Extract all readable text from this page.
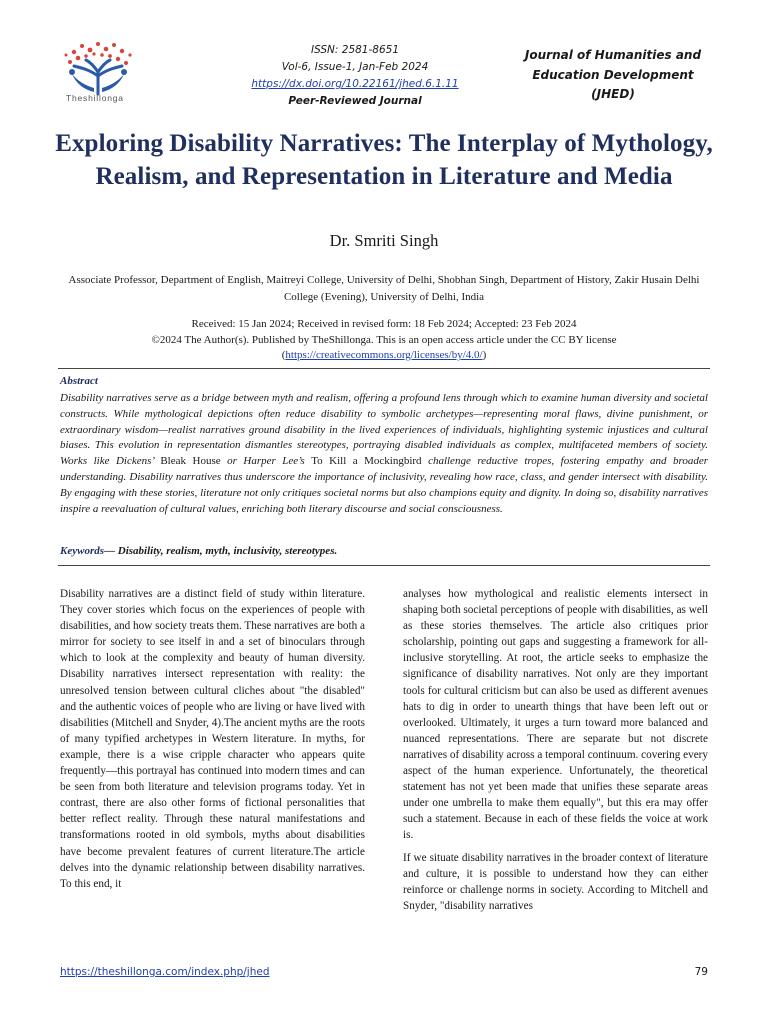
Theshillonga
ISSN: 2581-8651
Vol-6, Issue-1, Jan-Feb 2024
https://dx.doi.org/10.22161/jhed.6.1.11
Peer-Reviewed Journal
Journal of Humanities and
Education Development
(JHED)
Exploring Disability Narratives: The Interplay of Mythology, Realism, and Representation in Literature and Media
Dr. Smriti Singh
Associate Professor, Department of English, Maitreyi College, University of Delhi, Shobhan Singh, Department of History, Zakir Husain Delhi College (Evening), University of Delhi, India
Received: 15 Jan 2024; Received in revised form: 18 Feb 2024; Accepted: 23 Feb 2024
©2024 The Author(s). Published by TheShillonga. This is an open access article under the CC BY license
(https://creativecommons.org/licenses/by/4.0/)
Abstract
Disability narratives serve as a bridge between myth and realism, offering a profound lens through which to examine human diversity and societal constructs. While mythological depictions often reduce disability to symbolic archetypes—representing moral flaws, divine punishment, or extraordinary wisdom—realist narratives ground disability in the lived experiences of individuals, highlighting systemic injustices and cultural biases. This evolution in representation dismantles stereotypes, portraying disabled individuals as complex, multifaceted members of society. Works like Dickens’ Bleak House or Harper Lee’s To Kill a Mockingbird challenge reductive tropes, fostering empathy and broader understanding. Disability narratives thus underscore the importance of inclusivity, revealing how race, class, and gender intersect with disability. By engaging with these stories, literature not only critiques societal norms but also champions equity and dignity. In doing so, disability narratives inspire a reevaluation of cultural values, enriching both literary discourse and social consciousness.
Keywords— Disability, realism, myth, inclusivity, stereotypes.

Disability narratives are a distinct field of study within literature. They cover stories which focus on the experiences of people with disabilities, and how society treats them. These narratives are both a mirror for society to see itself in and a set of binoculars through which to look at the complexity and beauty of human diversity. Disability narratives intersect representation with reality: the unresolved tension between cultural cliches about "the disabled" and the authentic voices of people who are living or have lived with disabilities (Mitchell and Snyder, 4).The ancient myths are the roots of many typified archetypes in Western literature. In myths, for example, there is a wise cripple character who appears quite frequently—this portrayal has continued into modern times and can be seen from both literature and television programs today. Yet in contrast, there are also other forms of fictional personalities that better reflect reality. Through these natural manifestations and transformations rooted in old symbols, myths about disabilities have become prevalent features of current literature.The article delves into the dynamic relationship between disability narratives. To this end, it

analyses how mythological and realistic elements intersect in shaping both societal perceptions of people with disabilities, as well as these stories themselves. The article also critiques prior scholarship, pointing out gaps and suggesting a framework for all-inclusive storytelling. At root, the article seeks to emphasize the significance of disability narratives. Not only are they important tools for cultural criticism but can also be used as different avenues hats to dig in order to unearth things that have been left out or overlooked. Ultimately, it urges a turn toward more balanced and nuanced representations. There are separate but not discrete narratives of disability across a temporal continuum. covering every aspect of the human experience. Unfortunately, the theoretical statement has not yet been made that unifies these separate areas under one umbrella to make them equally", but this era may offer such a statement. Because in each of these fields the voice at work is.

If we situate disability narratives in the broader context of literature and culture, it is possible to understand how they can either reinforce or challenge norms in society. According to Mitchell and Snyder, "disability narratives

https://theshillonga.com/index.php/jhed	79
